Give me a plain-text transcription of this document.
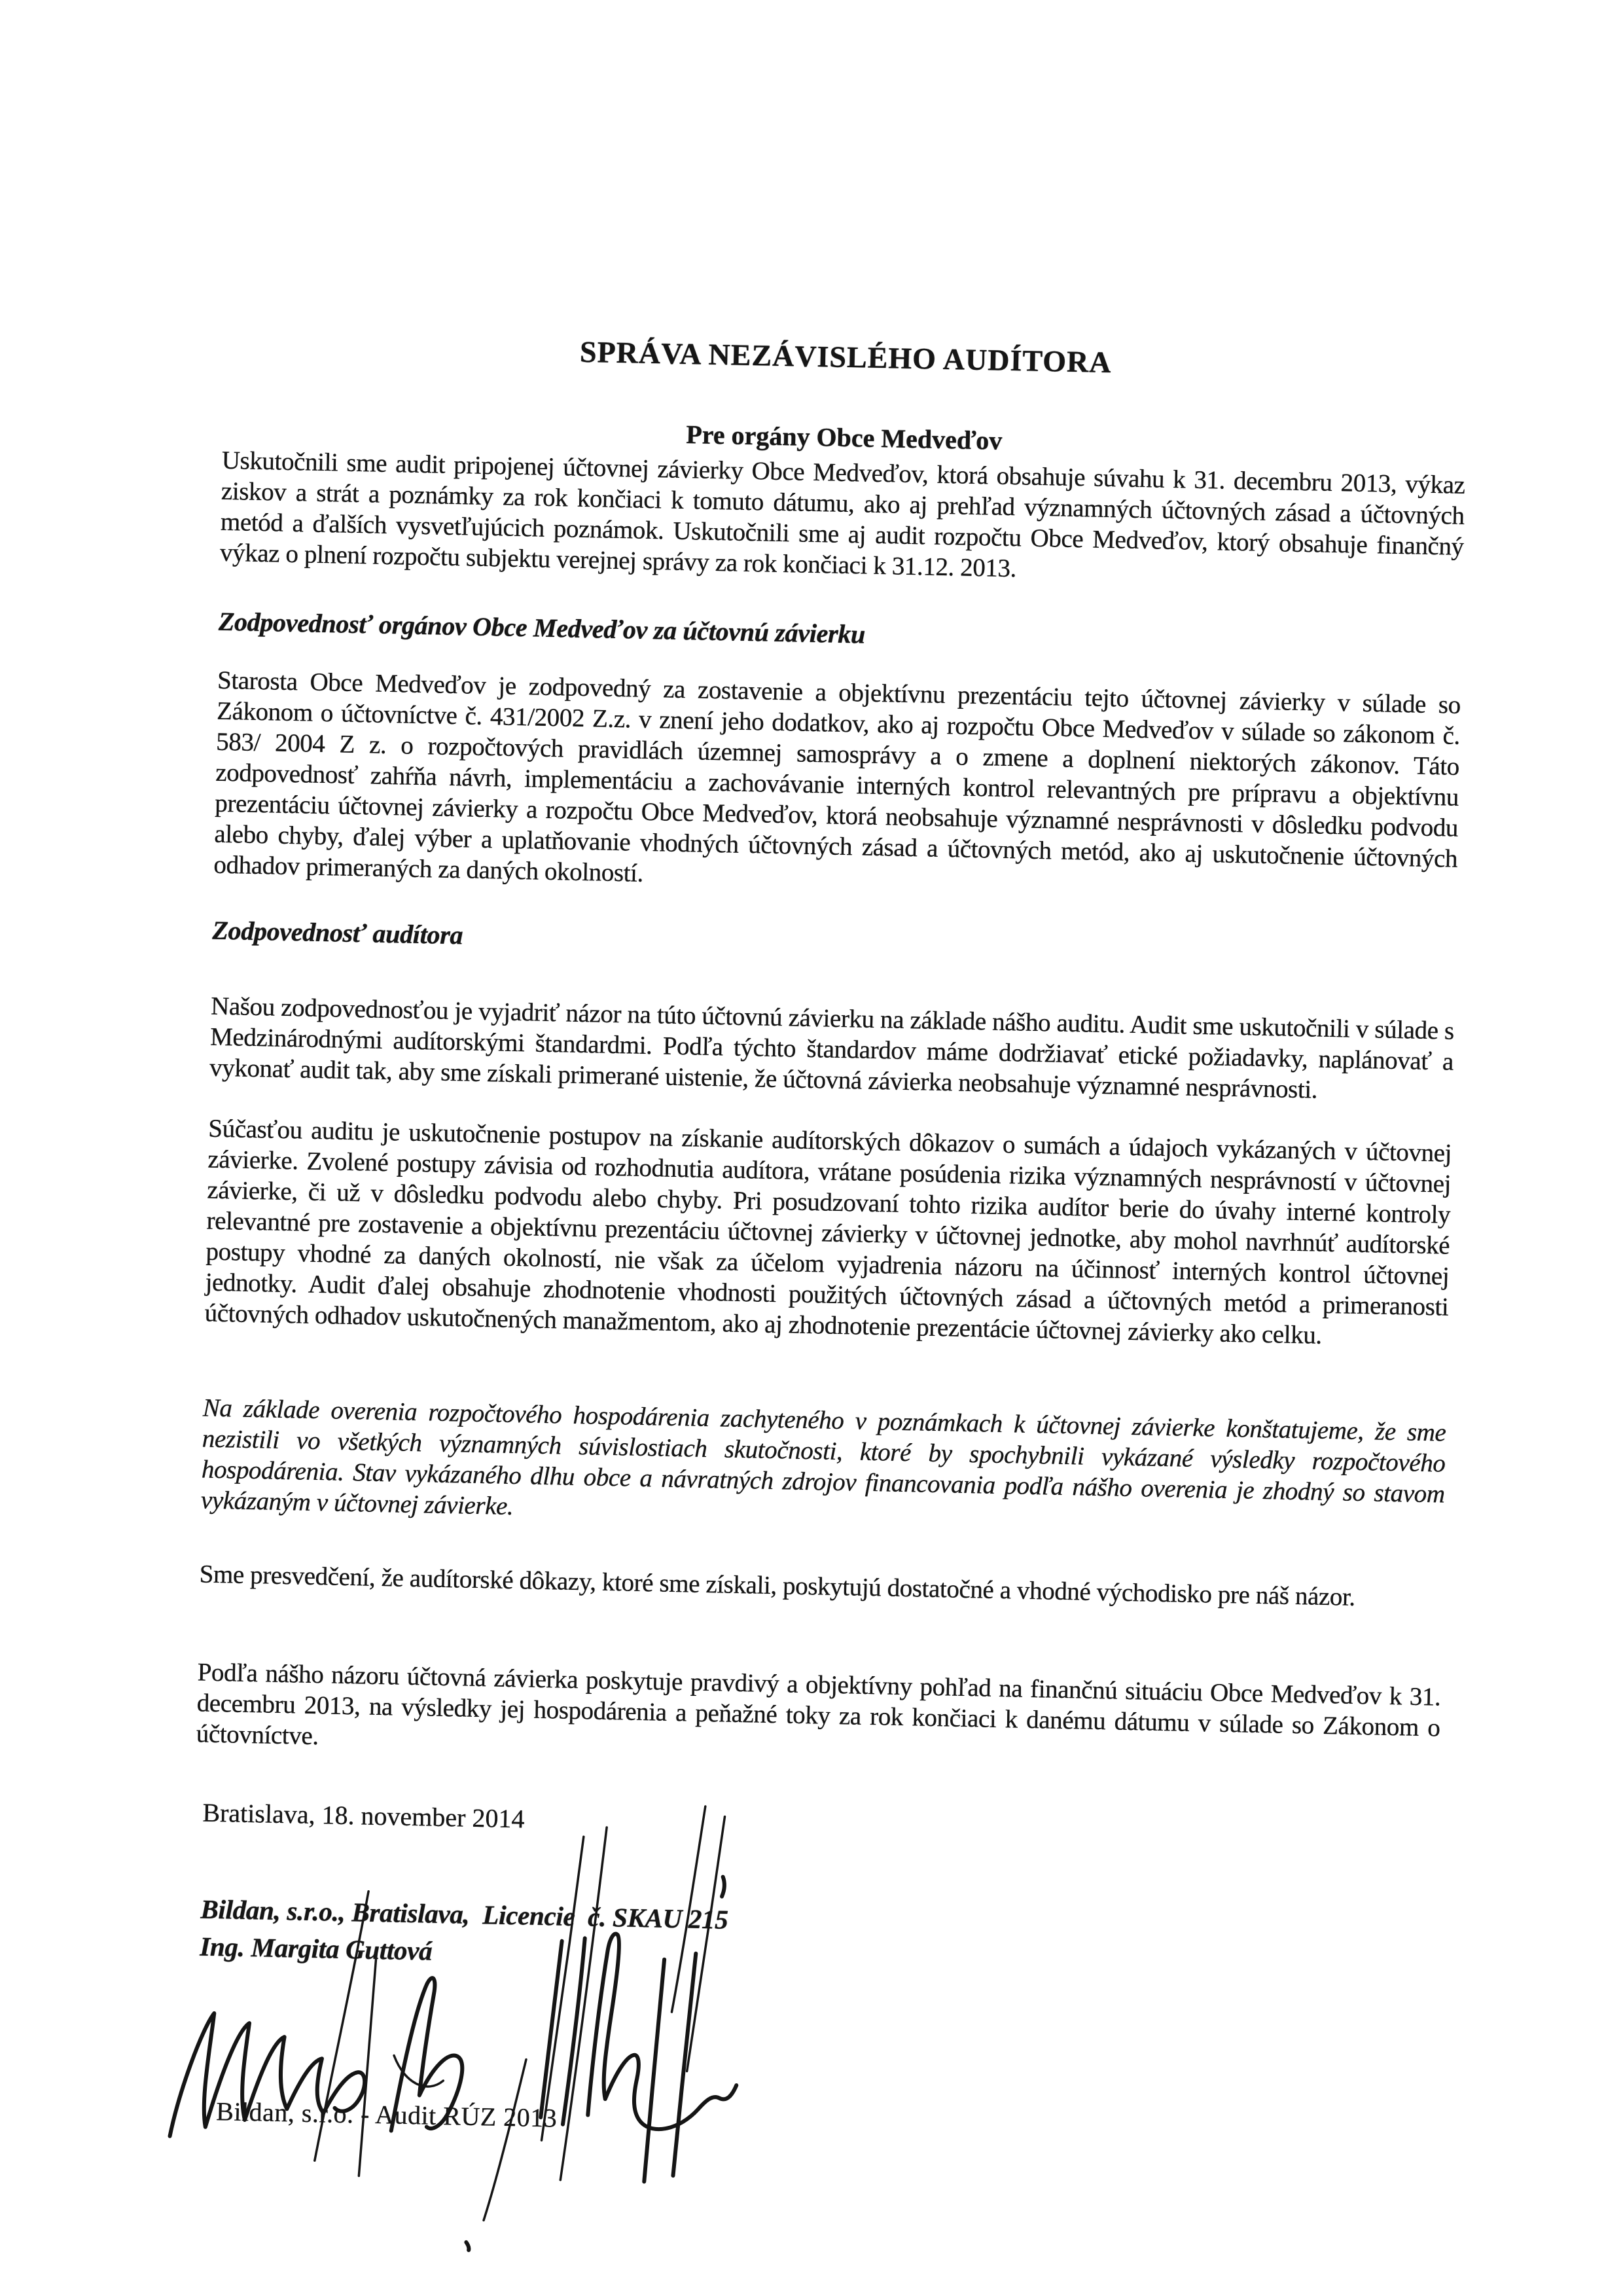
SPRÁVA NEZÁVISLÉHO AUDÍTORA

Pre orgány Obce Medveďov

Uskutočnili sme audit pripojenej účtovnej závierky Obce Medveďov, ktorá obsahuje súvahu k 31. decembru 2013, výkaz ziskov a strát a poznámky za rok končiaci k tomuto dátumu, ako aj prehľad významných účtovných zásad a účtovných metód a ďalších vysvetľujúcich poznámok. Uskutočnili sme aj audit rozpočtu Obce Medveďov, ktorý obsahuje finančný výkaz o plnení rozpočtu subjektu verejnej správy za rok končiaci k 31.12. 2013.

Zodpovednosť orgánov Obce Medveďov za účtovnú závierku

Starosta Obce Medveďov je zodpovedný za zostavenie a objektívnu prezentáciu tejto účtovnej závierky v súlade so Zákonom o účtovníctve č. 431/2002 Z.z. v znení jeho dodatkov, ako aj rozpočtu Obce Medveďov v súlade so zákonom č. 583/ 2004 Z z. o rozpočtových pravidlách územnej samosprávy a o zmene a doplnení niektorých zákonov. Táto zodpovednosť zahŕňa návrh, implementáciu a zachovávanie interných kontrol relevantných pre prípravu a objektívnu prezentáciu účtovnej závierky a rozpočtu Obce Medveďov, ktorá neobsahuje významné nesprávnosti v dôsledku podvodu alebo chyby, ďalej výber a uplatňovanie vhodných účtovných zásad a účtovných metód, ako aj uskutočnenie účtovných odhadov primeraných za daných okolností.

Zodpovednosť audítora

Našou zodpovednosťou je vyjadriť názor na túto účtovnú závierku na základe nášho auditu. Audit sme uskutočnili v súlade s Medzinárodnými audítorskými štandardmi. Podľa týchto štandardov máme dodržiavať etické požiadavky, naplánovať a vykonať audit tak, aby sme získali primerané uistenie, že účtovná závierka neobsahuje významné nesprávnosti.

Súčasťou auditu je uskutočnenie postupov na získanie audítorských dôkazov o sumách a údajoch vykázaných v účtovnej závierke. Zvolené postupy závisia od rozhodnutia audítora, vrátane posúdenia rizika významných nesprávností v účtovnej závierke, či už v dôsledku podvodu alebo chyby. Pri posudzovaní tohto rizika audítor berie do úvahy interné kontroly relevantné pre zostavenie a objektívnu prezentáciu účtovnej závierky v účtovnej jednotke, aby mohol navrhnúť audítorské postupy vhodné za daných okolností, nie však za účelom vyjadrenia názoru na účinnosť interných kontrol účtovnej jednotky. Audit ďalej obsahuje zhodnotenie vhodnosti použitých účtovných zásad a účtovných metód a primeranosti účtovných odhadov uskutočnených manažmentom, ako aj zhodnotenie prezentácie účtovnej závierky ako celku.

Na základe overenia rozpočtového hospodárenia zachyteného v poznámkach k účtovnej závierke konštatujeme, že sme nezistili vo všetkých významných súvislostiach skutočnosti, ktoré by spochybnili vykázané výsledky rozpočtového hospodárenia. Stav vykázaného dlhu obce a návratných zdrojov financovania podľa nášho overenia je zhodný so stavom vykázaným v účtovnej závierke.

Sme presvedčení, že audítorské dôkazy, ktoré sme získali, poskytujú dostatočné a vhodné východisko pre náš názor.

Podľa nášho názoru účtovná závierka poskytuje pravdivý a objektívny pohľad na finančnú situáciu Obce Medveďov k 31. decembru 2013, na výsledky jej hospodárenia a peňažné toky za rok končiaci k danému dátumu v súlade so Zákonom o účtovníctve.

Bratislava, 18. november 2014

Bildan, s.r.o., Bratislava,  Licencie  č. SKAU 215

Ing. Margita Guttová

Bildan, s.r.o. - Audit RÚZ 2013
